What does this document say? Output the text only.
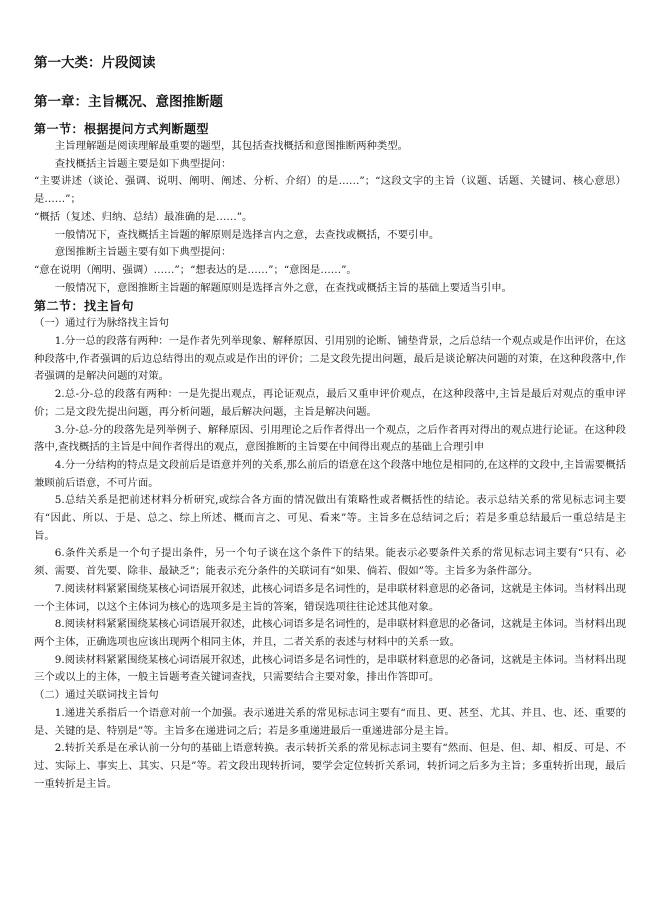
第一大类：片段阅读
第一章：主旨概况、意图推断题
第一节：根据提问方式判断题型

主旨理解题是阅读理解最重要的题型，其包括查找概括和意图推断两种类型。

查找概括主旨题主要是如下典型提问：

“主要讲述（谈论、强调、说明、阐明、阐述、分析、介绍）的是……”；“这段文字的主旨（议题、话题、关键词、核心意思）是……”；

“概括（复述、归纳、总结）最准确的是……”。

一般情况下，查找概括主旨题的解原则是选择言内之意，去查找或概括，不要引申。

意图推断主旨题主要有如下典型提问：

“意在说明（阐明、强调）……”；“想表达的是……”；“意图是……”。

一般情况下，意图推断主旨题的解题原则是选择言外之意，在查找或概括主旨的基础上要适当引申。

第二节：找主旨句

（一）通过行为脉络找主旨句

1.分一总的段落有两种：一是作者先列举现象、解释原因、引用别的论断、铺垫背景，之后总结一个观点或是作出评价，在这种段落中,作者强调的后边总结得出的观点或是作出的评价；二是文段先提出问题，最后是谈论解决问题的对策，在这种段落中,作者强调的是解决问题的对策。

2.总-分-总的段落有两种：一是先提出观点，再论证观点，最后又重申评价观点，在这种段落中,主旨是最后对观点的重申评价；二是文段先提出问题，再分析问题，最后解决问题，主旨是解决问题。

3.分-总-分的段落先是列举例子、解释原因、引用理论之后作者得出一个观点，之后作者再对得出的观点进行论证。在这种段落中,查找概括的主旨是中间作者得出的观点，意图推断的主旨要在中间得出观点的基础上合理引申

4.分一分结构的特点是文段前后是语意并列的关系,那么前后的语意在这个段落中地位是相同的,在这样的文段中,主旨需要概括兼顾前后语意，不可片面。

5.总结关系是把前述材料分析研究,或综合各方面的情况做出有策略性或者概括性的结论。表示总结关系的常见标志词主要有“因此、所以、于是、总之、综上所述、概而言之、可见、看来”等。主旨多在总结词之后；若是多重总结最后一重总结是主旨。

6.条件关系是一个句子提出条件，另一个句子谈在这个条件下的结果。能表示必要条件关系的常见标志词主要有“只有、必须、需要、首先要、除非、最缺乏”；能表示充分条件的关联词有“如果、倘若、假如”等。主旨多为条件部分。

7.阅读材料紧紧围绕某核心词语展开叙述，此核心词语多是名词性的，是串联材料意思的必备词，这就是主体词。当材料出现一个主体词，以这个主体词为核心的选项多是主旨的答案，错误选项往往论述其他对象。

8.阅读材料紧紧围绕某核心词语展开叙述，此核心词语多是名词性的，是串联材料意思的必备词，这就是主体词。当材料出现两个主体，正确选项也应该出现两个相同主体，并且，二者关系的表述与材料中的关系一致。

9.阅读材料紧紧围绕某核心词语展开叙述，此核心词语多是名词性的，是串联材料意思的必备词，这就是主体词。当材料出现三个或以上的主体，一般主旨题考查关键词查找，只需要结合主要对象，排出作答即可。

（二）通过关联词找主旨句

1.递进关系指后一个语意对前一个加强。表示递进关系的常见标志词主要有“而且、更、甚至、尤其、并且、也、还、重要的是、关键的是、特别是”等。主旨多在递进词之后；若是多重递进最后一重递进部分是主旨。

2.转折关系是在承认前一分句的基础上语意转换。表示转折关系的常见标志词主要有“然而、但是、但、却、相反、可是、不过、实际上、事实上、其实、只是”等。若文段出现转折词，要学会定位转折关系词，转折词之后多为主旨；多重转折出现，最后一重转折是主旨。
